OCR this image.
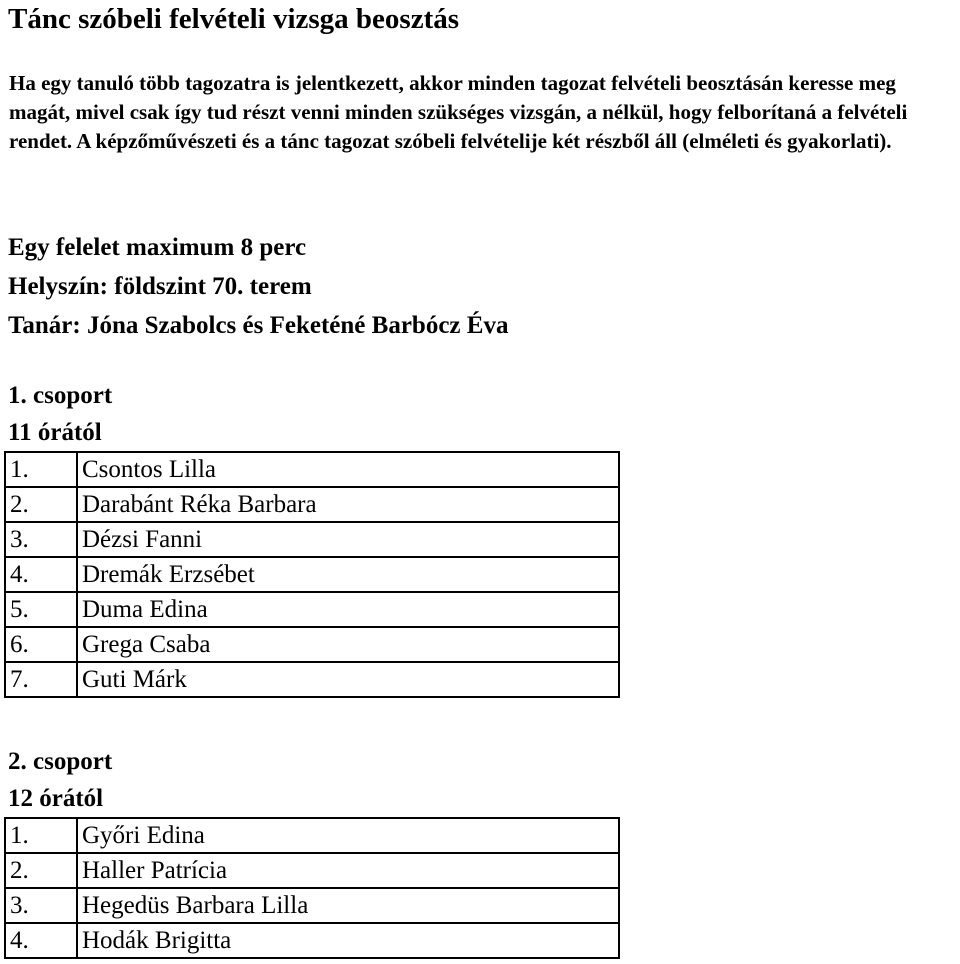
Tánc szóbeli felvételi vizsga beosztás

Ha egy tanuló több tagozatra is jelentkezett, akkor minden tagozat felvételi beosztásán keresse meg magát, mivel csak így tud részt venni minden szükséges vizsgán, a nélkül, hogy felborítaná a felvételi rendet. A képzőművészeti és a tánc tagozat szóbeli felvételije két részből áll (elméleti és gyakorlati).

Egy felelet maximum 8 perc

Helyszín: földszint 70. terem

Tanár: Jóna Szabolcs és Feketéné Barbócz Éva

1. csoport

11 órától

1.	Csontos Lilla
2.	Darabánt Réka Barbara
3.	Dézsi Fanni
4.	Dremák Erzsébet
5.	Duma Edina
6.	Grega Csaba
7.	Guti Márk

2. csoport

12 órától

1.	Győri Edina
2.	Haller Patrícia
3.	Hegedüs Barbara Lilla
4.	Hodák Brigitta
